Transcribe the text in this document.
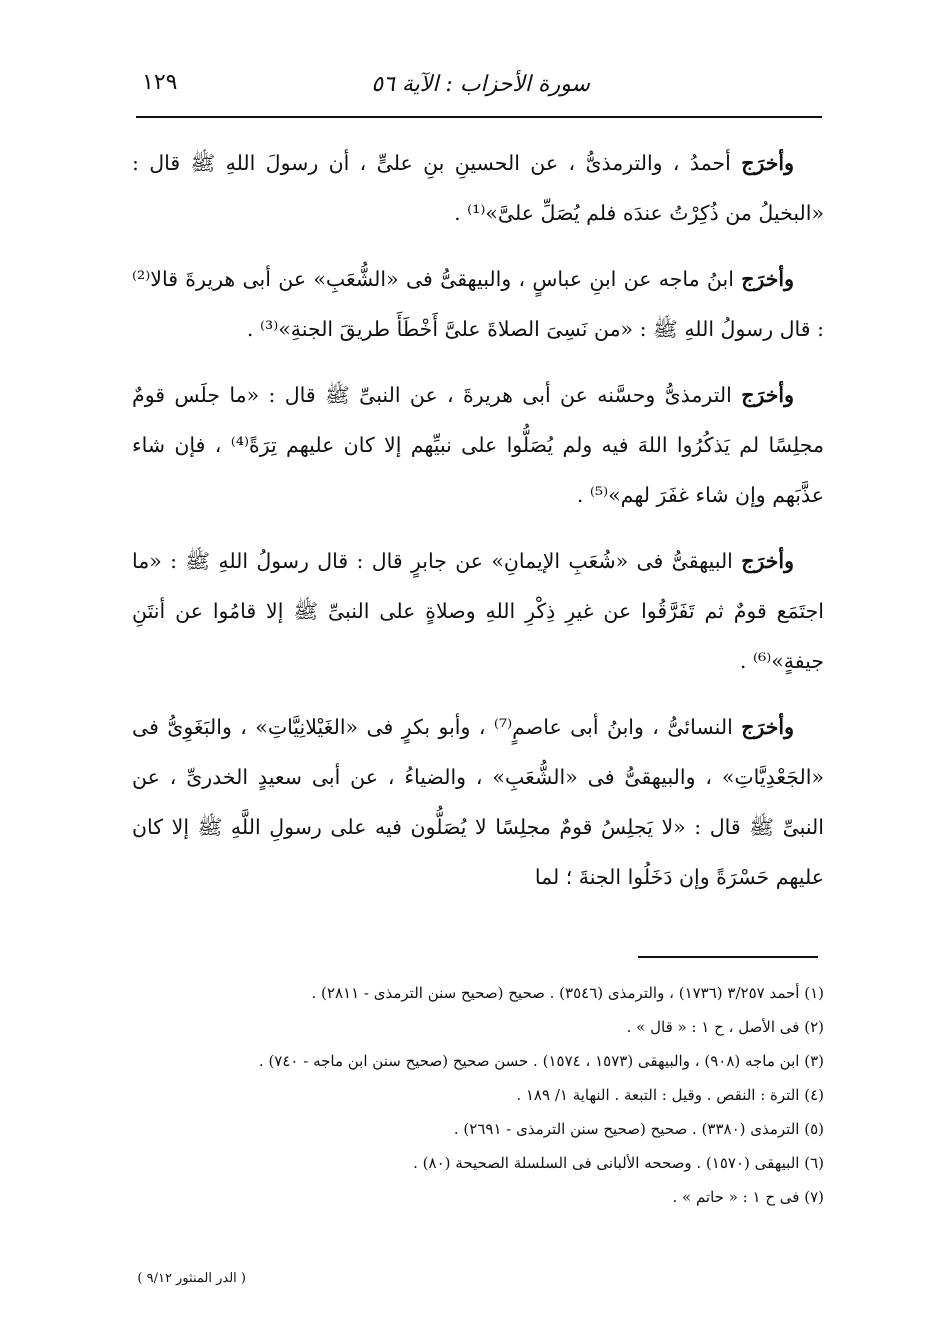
سورة الأحزاب : الآية ٥٦
١٢٩

وأخرَج أحمدُ ، والترمذىُّ ، عن الحسينِ بنِ علىٍّ ، أن رسولَ اللهِ ﷺ قال : «البخيلُ من ذُكِرْتُ عندَه فلم يُصَلِّ علىَّ»⁽¹⁾ .

وأخرَج ابنُ ماجه عن ابنِ عباسٍ ، والبيهقىُّ فى «الشُّعَبِ» عن أبى هريرةَ قالا⁽²⁾ : قال رسولُ اللهِ ﷺ : «من نَسِىَ الصلاةَ علىَّ أَخْطَأَ طريقَ الجنةِ»⁽³⁾ .

وأخرَج الترمذىُّ وحسَّنه عن أبى هريرةَ ، عن النبىِّ ﷺ قال : «ما جلَس قومٌ مجلِسًا لم يَذكُرُوا اللهَ فيه ولم يُصَلُّوا على نبيِّهم إلا كان عليهم تِرَةً⁽⁴⁾ ، فإن شاء عذَّبَهم وإن شاء غفَرَ لهم»⁽⁵⁾ .

وأخرَج البيهقىُّ فى «شُعَبِ الإيمانِ» عن جابرٍ قال : قال رسولُ اللهِ ﷺ : «ما اجتَمَع قومٌ ثم تَفَرَّقُوا عن غيرِ ذِكْرِ اللهِ وصلاةٍ على النبىِّ ﷺ إلا قامُوا عن أنتَنِ جيفةٍ»⁽⁶⁾ .

وأخرَج النسائىُّ ، وابنُ أبى عاصمٍ⁽⁷⁾ ، وأبو بكرٍ فى «الغَيْلانِيَّاتِ» ، والبَغَوِىُّ فى «الجَعْدِيَّاتِ» ، والبيهقىُّ فى «الشُّعَبِ» ، والضياءُ ، عن أبى سعيدٍ الخدرىِّ ، عن النبىِّ ﷺ قال : «لا يَجلِسُ قومٌ مجلِسًا لا يُصَلُّون فيه على رسولِ اللَّهِ ﷺ إلا كان عليهم حَسْرَةً وإن دَخَلُوا الجنةَ ؛ لما

(١) أحمد ٣/٢٥٧ (١٧٣٦) ، والترمذى (٣٥٤٦) . صحيح (صحيح سنن الترمذى - ٢٨١١) .

(٢) فى الأصل ، ح ١ : « قال » .

(٣) ابن ماجه (٩٠٨) ، والبيهقى (١٥٧٣ ، ١٥٧٤) . حسن صحيح (صحيح سنن ابن ماجه - ٧٤٠) .

(٤) الترة : النقص . وقيل : التبعة . النهاية ١/ ١٨٩ .

(٥) الترمذى (٣٣٨٠) . صحيح (صحيح سنن الترمذى - ٢٦٩١) .

(٦) البيهقى (١٥٧٠) . وصححه الألبانى فى السلسلة الصحيحة (٨٠) .

(٧) فى ح ١ : « حاتم » .

( الدر المنثور ٩/١٢ )
